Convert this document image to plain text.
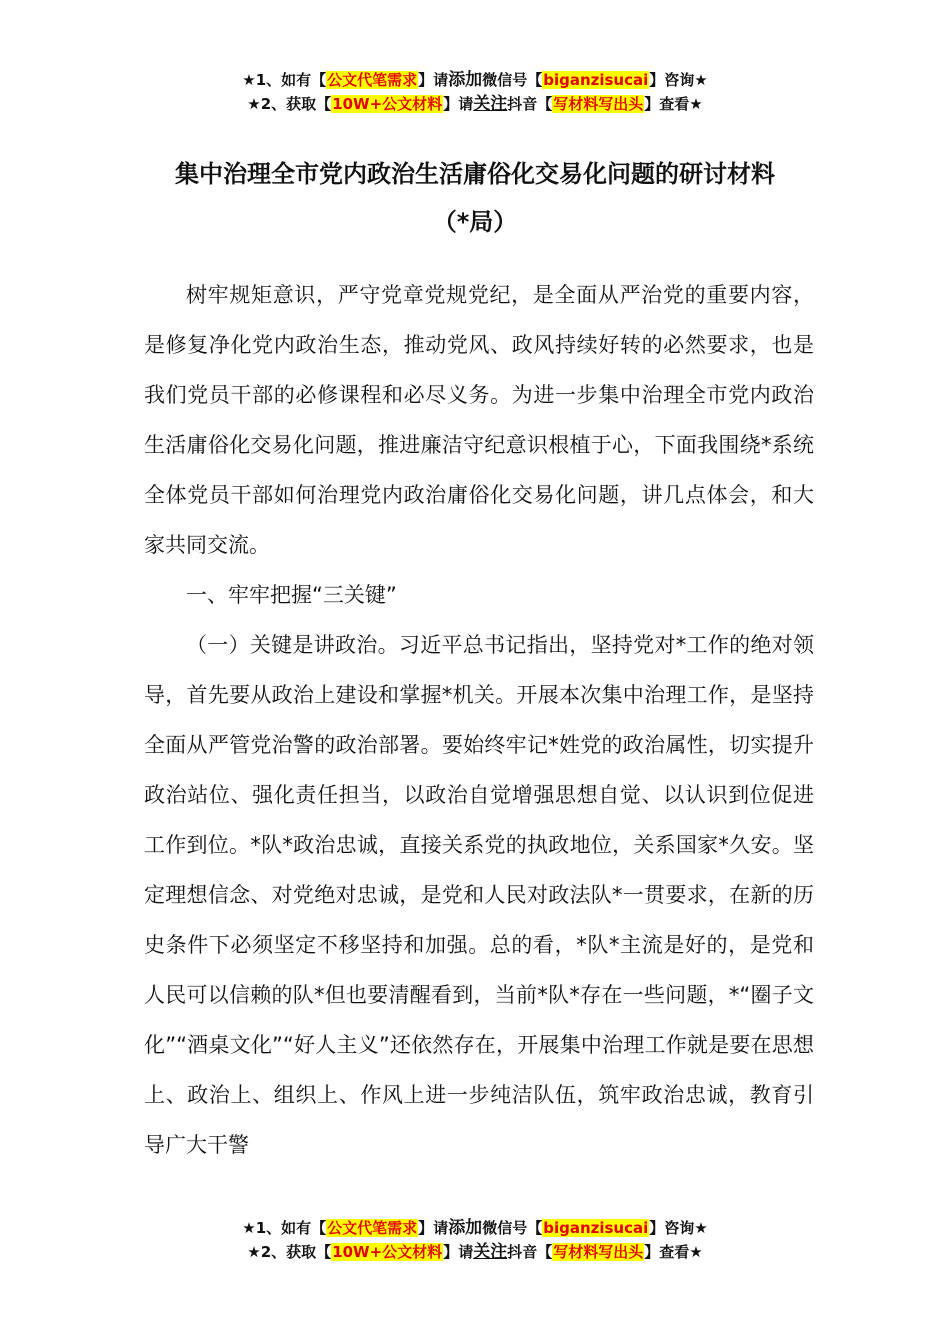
★1、如有【公文代笔需求】请添加微信号【biganzisucai】咨询★
★2、获取【10W+公文材料】请关注抖音【写材料写出头】查看★
集中治理全市党内政治生活庸俗化交易化问题的研讨材料
（*局）

树牢规矩意识，严守党章党规党纪，是全面从严治党的重要内容，是修复净化党内政治生态，推动党风、政风持续好转的必然要求，也是我们党员干部的必修课程和必尽义务。为进一步集中治理全市党内政治生活庸俗化交易化问题，推进廉洁守纪意识根植于心，下面我围绕*系统全体党员干部如何治理党内政治庸俗化交易化问题，讲几点体会，和大家共同交流。

一、牢牢把握“三关键”

（一）关键是讲政治。习近平总书记指出，坚持党对*工作的绝对领导，首先要从政治上建设和掌握*机关。开展本次集中治理工作，是坚持全面从严管党治警的政治部署。要始终牢记*姓党的政治属性，切实提升政治站位、强化责任担当，以政治自觉增强思想自觉、以认识到位促进工作到位。*队*政治忠诚，直接关系党的执政地位，关系国家*久安。坚定理想信念、对党绝对忠诚，是党和人民对政法队*一贯要求，在新的历史条件下必须坚定不移坚持和加强。总的看，*队*主流是好的，是党和人民可以信赖的队*但也要清醒看到，当前*队*存在一些问题，*“圈子文化”“酒桌文化”“好人主义”还依然存在，开展集中治理工作就是要在思想上、政治上、组织上、作风上进一步纯洁队伍，筑牢政治忠诚，教育引导广大干警

★1、如有【公文代笔需求】请添加微信号【biganzisucai】咨询★
★2、获取【10W+公文材料】请关注抖音【写材料写出头】查看★
